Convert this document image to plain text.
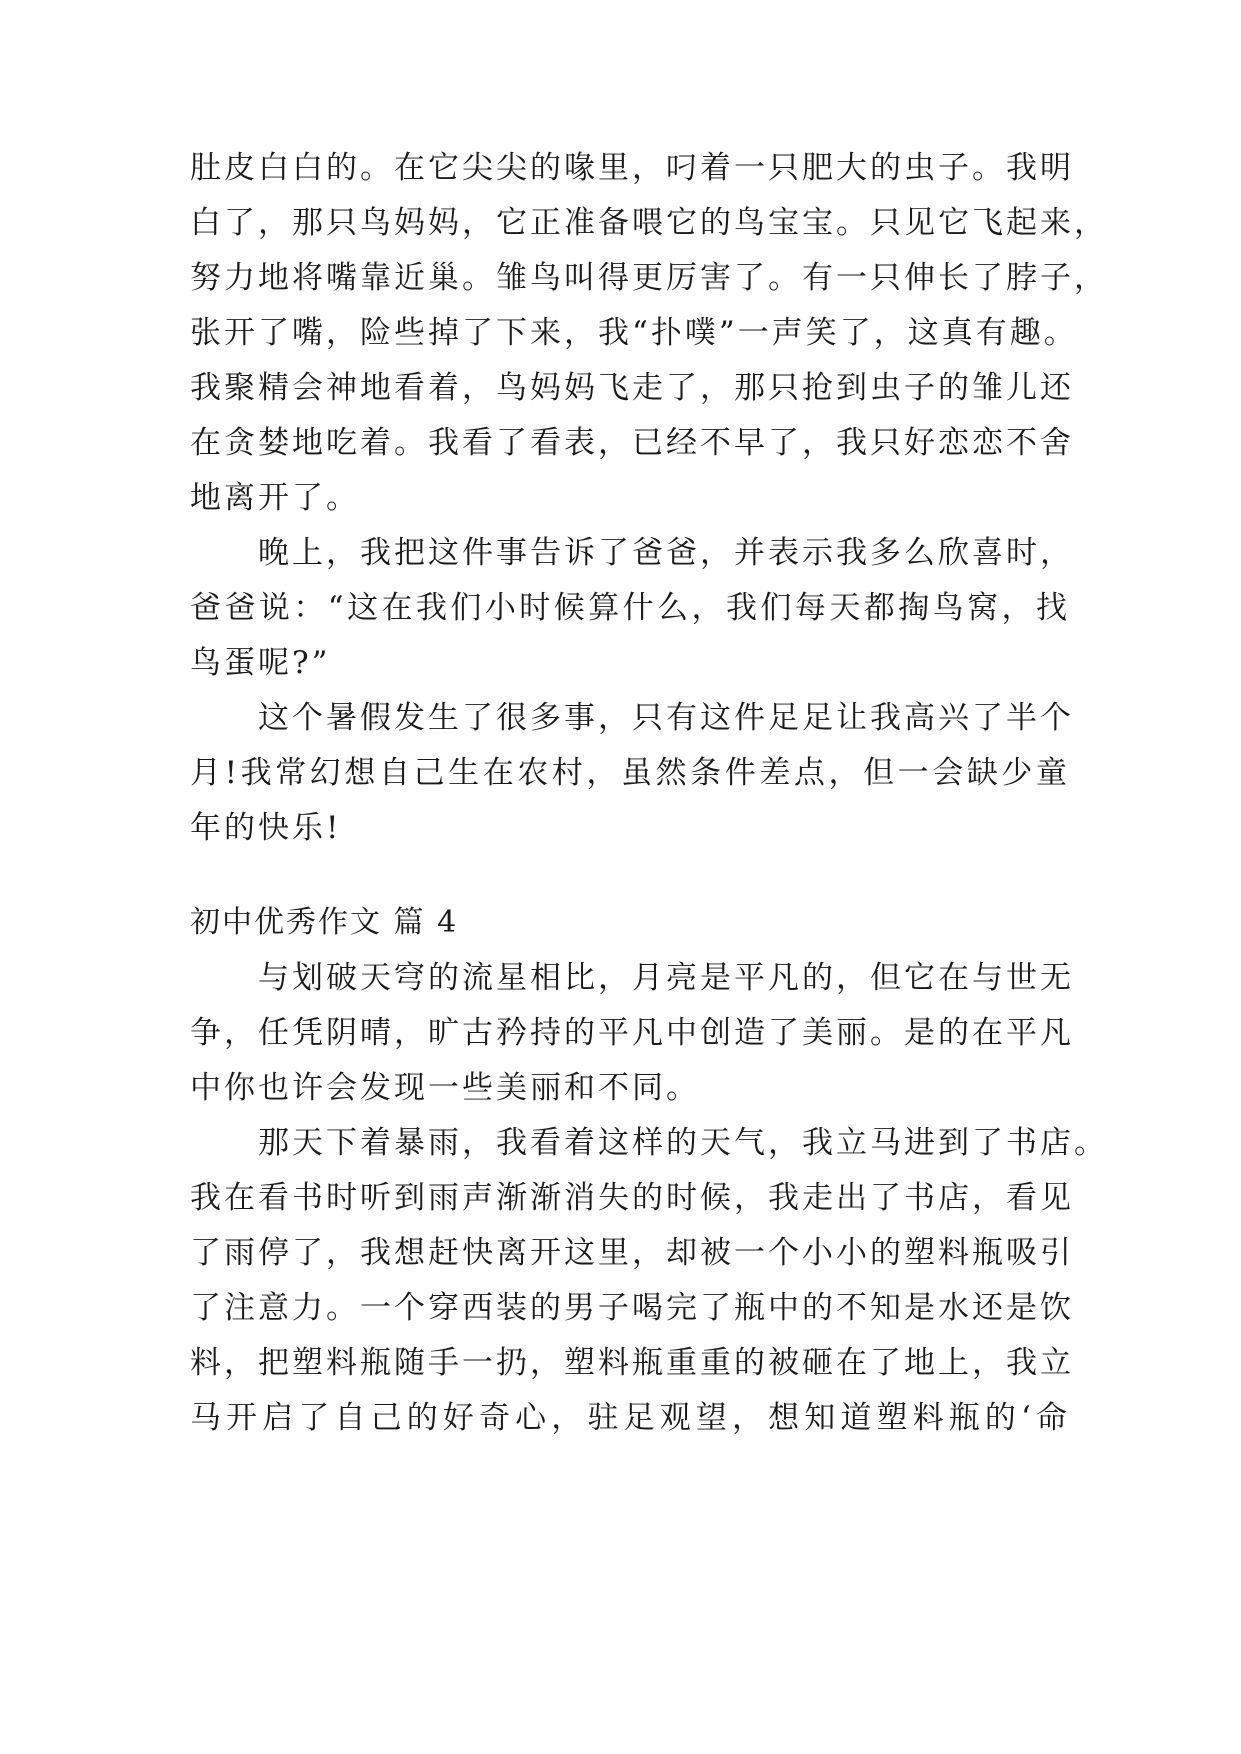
肚皮白白的。在它尖尖的喙里，叼着一只肥大的虫子。我明
白了，那只鸟妈妈，它正准备喂它的鸟宝宝。只见它飞起来，
努力地将嘴靠近巢。雏鸟叫得更厉害了。有一只伸长了脖子，
张开了嘴，险些掉了下来，我“扑噗”一声笑了，这真有趣。
我聚精会神地看着，鸟妈妈飞走了，那只抢到虫子的雏儿还
在贪婪地吃着。我看了看表，已经不早了，我只好恋恋不舍
地离开了。
晚上，我把这件事告诉了爸爸，并表示我多么欣喜时，
爸爸说：“这在我们小时候算什么，我们每天都掏鸟窝，找
鸟蛋呢?”
这个暑假发生了很多事，只有这件足足让我高兴了半个
月!我常幻想自己生在农村，虽然条件差点，但一会缺少童
年的快乐!
初中优秀作文 篇 4
与划破天穹的流星相比，月亮是平凡的，但它在与世无
争，任凭阴晴，旷古矜持的平凡中创造了美丽。是的在平凡
中你也许会发现一些美丽和不同。
那天下着暴雨，我看着这样的天气，我立马进到了书店。
我在看书时听到雨声渐渐消失的时候，我走出了书店，看见
了雨停了，我想赶快离开这里，却被一个小小的塑料瓶吸引
了注意力。一个穿西装的男子喝完了瓶中的不知是水还是饮
料，把塑料瓶随手一扔，塑料瓶重重的被砸在了地上，我立
马开启了自己的好奇心，驻足观望，想知道塑料瓶的‘命
